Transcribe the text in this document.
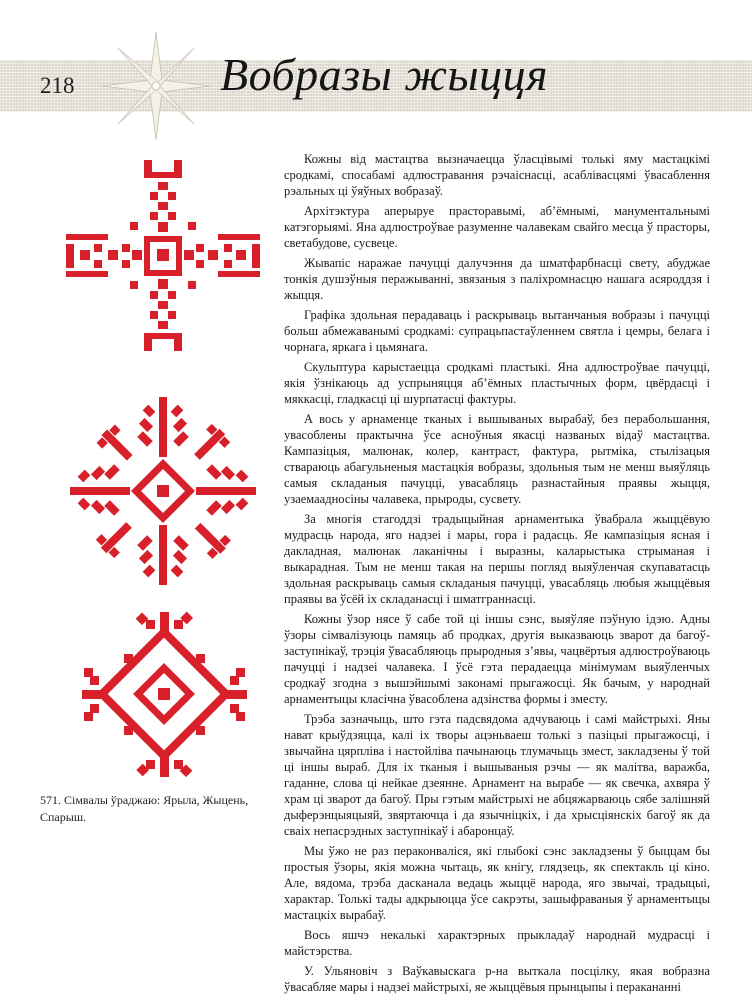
218	Вобразы жыцця
571. Сімвалы ўраджаю: Ярыла, Жыцень, Спарыш.

Кожны від мастацтва вызначаецца ўласцівымі толькі яму мастацкімі сродкамі, спосабамі адлюстравання рэчаіснасці, асаблівасцямі ўвасаблення рэальных ці ўяўных вобразаў.

Архітэктура аперыруе прасторавымі, аб’ёмнымі, манументальнымі катэгорыямі. Яна адлюстроўвае разуменне чалавекам свайго месца ў прасторы, светабудове, сусвеце.

Жывапіс наражае пачуцці далучэння да шматфарбнасці свету, абуджае тонкія душэўныя перажыванні, звязаныя з паліхромнасцю нашага асяроддзя і жыцця.

Графіка здольная перадаваць і раскрываць вытанчаныя вобразы і пачуцці больш абмежаванымі сродкамі: супрацьпастаўленнем святла і цемры, белага і чорнага, яркага і цьмянага.

Скульптура карыстаецца сродкамі пластыкі. Яна адлюстроўвае пачуцці, якія ўзнікаюць ад успрыняцця аб’ёмных пластычных форм, цвёрдасці і мяккасці, гладкасці ці шурпатасці фактуры.

А вось у арнаменце тканых і вышываных вырабаў, без перабольшання, увасоблены практычна ўсе асноўныя якасці названых відаў мастацтва. Кампазіцыя, малюнак, колер, кантраст, фактура, рытміка, стылізацыя ствараюць абагульненыя мастацкія вобразы, здольныя тым не менш выяўляць самыя складаныя пачуцці, увасабляць разнастайныя праявы жыцця, узаемаадносіны чалавека, прыроды, сусвету.

За многія стагоддзі традыцыйная арнаментыка ўвабрала жыццёвую мудрасць народа, яго надзеі і мары, гора і радасць. Яе кампазіцыя ясная і дакладная, малюнак лаканічны і выразны, каларыстыка стрыманая і выкарадная. Тым не менш такая на першы погляд выяўленчая скупаватасць здольная раскрываць самыя складаныя пачуцці, увасабляць любыя жыццёвыя праявы ва ўсёй іх складанасці і шматграннасці.

Кожны ўзор нясе ў сабе той ці іншы сэнс, выяўляе пэўную ідэю. Адны ўзоры сімвалізуюць памяць аб продках, другія выказваюць зварот да багоў-заступнікаў, трэція ўвасабляюць прыродныя з’явы, чацвёртыя адлюстроўваюць пачуцці і надзеі чалавека. І ўсё гэта перадаецца мінімумам выяўленчых сродкаў згодна з вышэйшымі законамі прыгажосці. Як бачым, у народнай арнаментыцы класічна ўвасоблена адзінства формы і зместу.

Трэба зазначыць, што гэта падсвядома адчуваюць і самі майстрыхі. Яны нават крыўдзяцца, калі іх творы ацэньваеш толькі з пазіцыі прыгажосці, і звычайна цярпліва і настойліва пачынаюць тлумачыць змест, закладзены ў той ці іншы выраб. Для іх тканыя і вышываныя рэчы — як малітва, варажба, гаданне, слова ці нейкае дзеянне. Арнамент на вырабе — як свечка, ахвяра ў храм ці зварот да багоў. Пры гэтым майстрыхі не абцяжарваюць сябе залішняй дыферэнцыяцыяй, звяртаючца і да язычніцкіх, і да хрысціянскіх багоў як да сваіх непасрэдных заступнікаў і абаронцаў.

Мы ўжо не раз пераконваліся, які глыбокі сэнс закладзены ў быццам бы простыя ўзоры, якія можна чытаць, як кнігу, глядзець, як спектакль ці кіно. Але, вядома, трэба дасканала ведаць жыццё народа, яго звычаі, традыцыі, характар. Толькі тады адкрыюцца ўсе сакрэты, зашыфраваныя ў арнаментыцы мастацкіх вырабаў.

Вось яшчэ некалькі характэрных прыкладаў народнай мудрасці і майстэрства.

У. Ульяновіч з Ваўкавыскага р-на выткала посцілку, якая вобразна ўвасабляе мары і надзеі майстрыхі, яе жыццёвыя прынцыпы і перакананні
